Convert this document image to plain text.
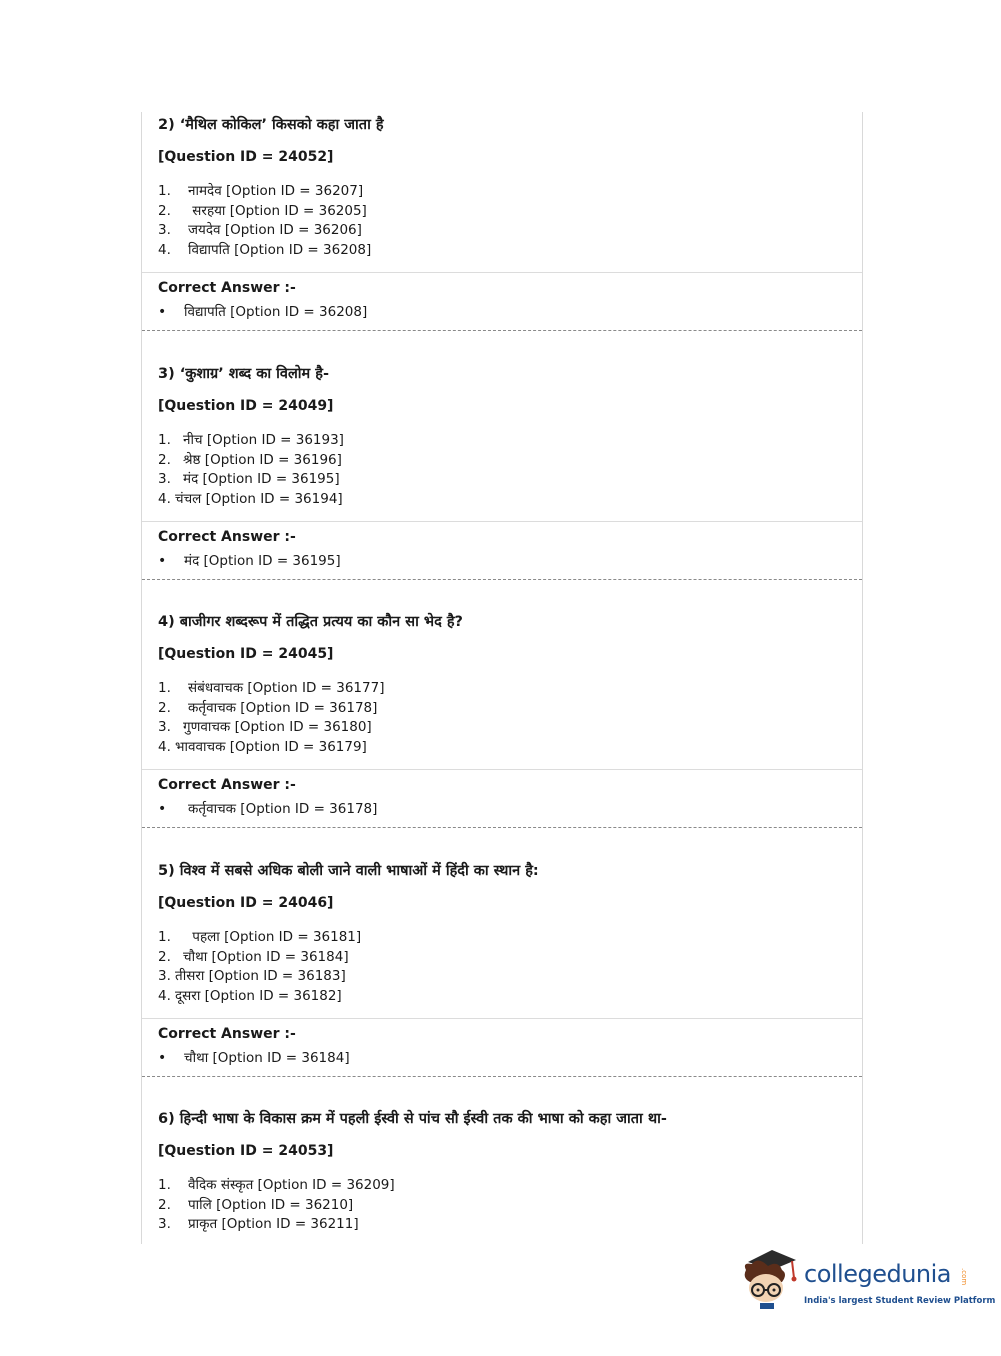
2) ‘मैथिल कोकिल’ किसको कहा जाता है
[Question ID = 24052]
1. नामदेव [Option ID = 36207]
2. सरहया [Option ID = 36205]
3. जयदेव [Option ID = 36206]
4. विद्यापति [Option ID = 36208]
Correct Answer :-
• विद्यापति [Option ID = 36208]
3) ‘कुशाग्र’ शब्द का विलोम है-
[Question ID = 24049]
1. नीच [Option ID = 36193]
2. श्रेष्ठ [Option ID = 36196]
3. मंद [Option ID = 36195]
4. चंचल [Option ID = 36194]
Correct Answer :-
• मंद [Option ID = 36195]
4) बाजीगर शब्दरूप में तद्धित प्रत्यय का कौन सा भेद है?
[Question ID = 24045]
1. संबंधवाचक [Option ID = 36177]
2. कर्तृवाचक [Option ID = 36178]
3. गुणवाचक [Option ID = 36180]
4. भाववाचक [Option ID = 36179]
Correct Answer :-
• कर्तृवाचक [Option ID = 36178]
5) विश्व में सबसे अधिक बोली जाने वाली भाषाओं में हिंदी का स्थान है:
[Question ID = 24046]
1. पहला [Option ID = 36181]
2. चौथा [Option ID = 36184]
3. तीसरा [Option ID = 36183]
4. दूसरा [Option ID = 36182]
Correct Answer :-
• चौथा [Option ID = 36184]
6) हिन्दी भाषा के विकास क्रम में पहली ईस्वी से पांच सौ ईस्वी तक की भाषा को कहा जाता था-
[Question ID = 24053]
1. वैदिक संस्कृत [Option ID = 36209]
2. पालि [Option ID = 36210]
3. प्राकृत [Option ID = 36211]
collegedunia .com
India's largest Student Review Platform
